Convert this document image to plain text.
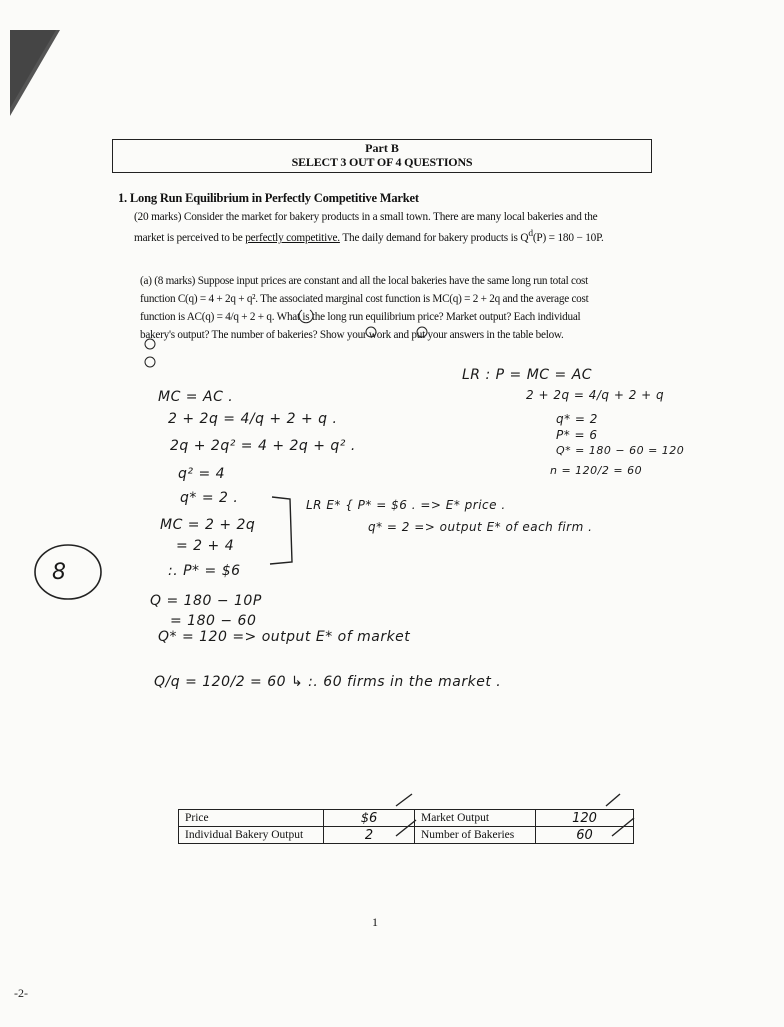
Part B
SELECT 3 OUT OF 4 QUESTIONS
1. Long Run Equilibrium in Perfectly Competitive Market
(20 marks) Consider the market for bakery products in a small town. There are many local bakeries and the market is perceived to be perfectly competitive. The daily demand for bakery products is $Q^d(P) = 180 - 10P$.
(a) (8 marks) Suppose input prices are constant and all the local bakeries have the same long run total cost function C(q) = 4 + 2q + q². The associated marginal cost function is MC(q) = 2 + 2q and the average cost function is AC(q) = 4/q + 2 + q. What is the long run equilibrium price? Market output? Each individual bakery's output? The number of bakeries? Show your work and put your answers in the table below.
LR : P = MC = AC
2 + 2q = 4/q + 2 + q
q* = 2
P* = 6
Q* = 180 − 60 = 120
n = 120/2 = 60
MC = AC .
2 + 2q = 4/q + 2 + q .
2q + 2q² = 4 + 2q + q² .
q² = 4
q* = 2 .
MC = 2 + 2q
= 2 + 4
:. P* = $6
LR E* { P* = $6 . => E* price .
q* = 2 => output E* of each firm .
Q = 180 − 10P
= 180 − 60
Q* = 120 => output E* of market
Q/q = 120/2 = 60 ↳ :. 60 firms in the market .
8
Price	$6	Market Output	120
Individual Bakery Output	2	Number of Bakeries	60
1
-2-
